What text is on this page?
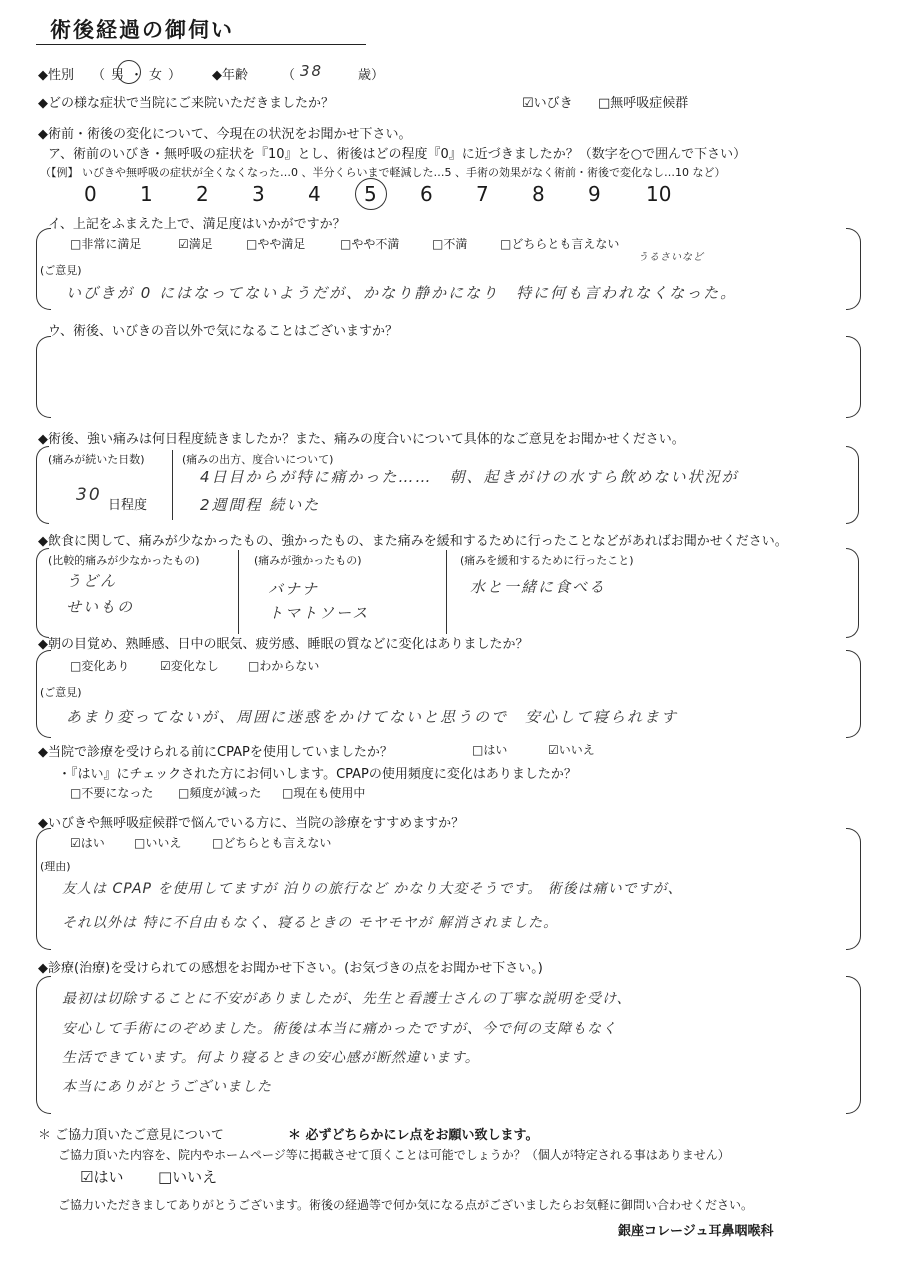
術後経過の御伺い
◆性別 （男・女） ◆年齢	（ 38	歳）
◆どの様な症状で当院にご来院いただきましたか？	☑いびき □無呼吸症候群
◆術前・術後の変化について、今現在の状況をお聞かせ下さい。
ア、術前のいびき・無呼吸の症状を『10』とし、術後はどの程度『0』に近づきましたか？（数字を○で囲んで下さい）
（【例】 いびきや無呼吸の症状が全くなくなった…0 、半分くらいまで軽減した…5 、手術の効果がなく術前・術後で変化なし…10 など）
0 1 2 3 4 5 6 7 8 9 10
イ、上記をふまえた上で、満足度はいかがですか？
□非常に満足	☑満足	□やや満足	□やや不満	□不満	□どちらとも言えない
(ご意見)
うるさいなど
いびきが 0 にはなってないようだが、かなり静かになり　特に何も言われなくなった。
ウ、術後、いびきの音以外で気になることはございますか？
◆術後、強い痛みは何日程度続きましたか？また、痛みの度合いについて具体的なご意見をお聞かせください。
(痛みが続いた日数)
30
日程度
(痛みの出方、度合いについて)
4日目からが特に痛かった……　朝、起きがけの水すら飲めない状況が
2週間程 続いた
◆飲食に関して、痛みが少なかったもの、強かったもの、また痛みを緩和するために行ったことなどがあればお聞かせください。
(比較的痛みが少なかったもの)
うどん
せいもの
(痛みが強かったもの)
バナナ
トマトソース
(痛みを緩和するために行ったこと)
水と一緒に食べる
◆朝の目覚め、熟睡感、日中の眠気、疲労感、睡眠の質などに変化はありましたか？
□変化あり	☑変化なし □わからない
(ご意見)
あまり変ってないが、周囲に迷惑をかけてないと思うので　安心して寝られます
◆当院で診療を受けられる前にCPAPを使用していましたか？	□はい	☑いいえ
・『はい』にチェックされた方にお伺いします。CPAPの使用頻度に変化はありましたか？
□不要になった □頻度が減った □現在も使用中
◆いびきや無呼吸症候群で悩んでいる方に、当院の診療をすすめますか？
☑はい □いいえ	□どちらとも言えない
(理由)
友人は CPAP を使用してますが 泊りの旅行など かなり大変そうです。 術後は痛いですが、
それ以外は 特に不自由もなく、寝るときの モヤモヤが 解消されました。
◆診療(治療)を受けられての感想をお聞かせ下さい。(お気づきの点をお聞かせ下さい。)
最初は切除することに不安がありましたが、先生と看護士さんの丁寧な説明を受け、
安心して手術にのぞめました。術後は本当に痛かったですが、今で何の支障もなく
生活できています。何より寝るときの安心感が断然違います。
本当にありがとうございました
＊ ご協力頂いたご意見について	＊ 必ずどちらかにレ点をお願い致します。
ご協力頂いた内容を、院内やホームページ等に掲載させて頂くことは可能でしょうか？（個人が特定される事はありません）
☑はい □いいえ
ご協力いただきましてありがとうございます。術後の経過等で何か気になる点がございましたらお気軽に御問い合わせください。
銀座コレージュ耳鼻咽喉科
